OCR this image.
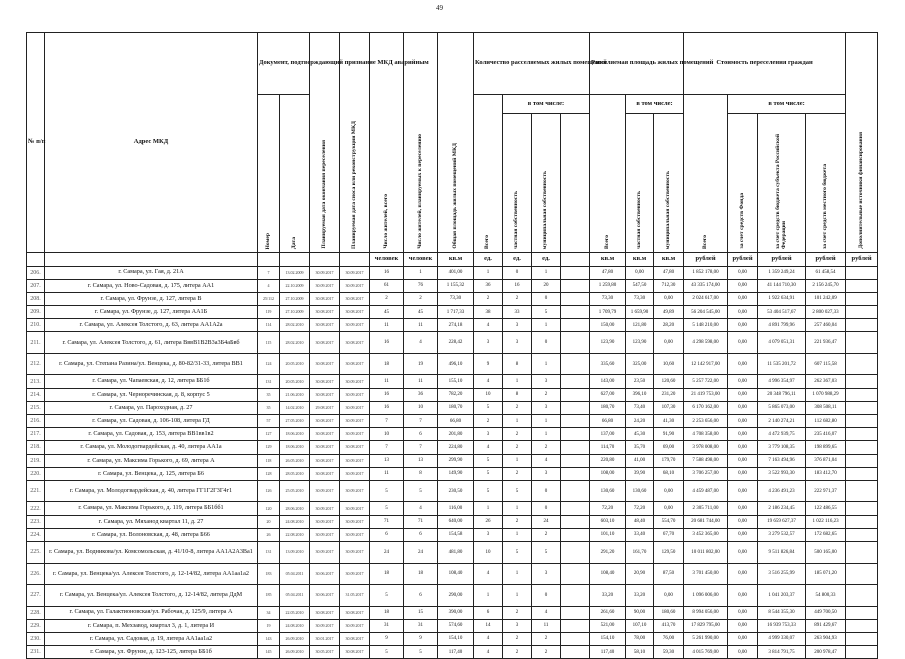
49
№ п/п	Адрес МКД	Документ, подтверждающий признание МКД аварийным		Планируемая дата окончания переселения	Планируемая дата сноса или реконструкции МКД	Число жителей, всего	Число жителей, планируемых к переселению	Общая площадь жилых помещений МКД	Количество расселяемых жилых помещений				Расселяемая площадь жилых помещений			Стоимость переселения граждан				Дополнительные источники финансирования
		Номер	Дата						Всего	в том числе:			Всего	в том числе:		Всего	в том числе:			
										частная собственность	муниципальная собственность			частная собственность	муниципальная собственность		за счет средств Фонда	за счет средств бюджета субъекта Российской Федерации	за счет средств местного бюджета	
						человек	человек	кв.м	ед.	ед.	ед.		кв.м	кв.м	кв.м	рублей	рублей	рублей	рублей	рублей
206.	г. Самара, ул. Гая, д. 21А	7	13.02.2009	30.09.2017	30.09.2017	16	1	401,00	1	0	1		47,80	0,00	47,80	1 852 178,00	0,00	1 359 249,24	61 458,54	
207.	г. Самара, ул. Ново-Садовая, д. 175, литера АА1	4	22.10.2009	30.09.2017	30.09.2017	61	76	1 155,32	36	16	20		1 259,80	547,50	712,30	43 335 174,00	0,00	41 144 710,30	2 156 245,70	
208.	г. Самара, ул. Фрунзе, д. 127, литера В	25/112	27.10.2009	30.08.2017	30.08.2017	2	2	73,30	2	2	0		73,30	73,30	0,00	2 024 617,00	0,00	1 922 634,91	101 242,09	
209.	г. Самара, ул. Фрунзе, д. 127, литера АА1Б	119	27.10.2009	30.08.2017	30.08.2017	45	45	1 717,33	38	33	5		1 709,79	1 659,90	49,89	56 204 545,00	0,00	53 404 517,67	2 800 027,33	
210.	г. Самара, ул. Алексея Толстого, д. 63, литера АА1А2а	114	28.02.2010	30.08.2017	30.09.2017	11	11	274,18	4	3	1		150,00	121,80	28,20	5 148 210,00	0,00	4 891 799,96	257 460,04	
211.	г. Самара, ул. Алексея Толстого, д. 61, литера ВввВ1В2В3а3Б4аБвб	115	28.02.2010	30.08.2017	30.08.2017	16	4	228,42	3	3	0		123,90	123,90	0,00	4 298 598,00	0,00	4 079 051,31	221 936,47	
212.	г. Самара, ул. Степана Разина/ул. Венцека, д. 80-82/31-33, литера ВВ1	124	20.05.2010	30.08.2017	30.08.2017	18	19	496,10	9	8	1		335,60	325,00	10,60	12 142 917,00	0,00	11 535 201,72	607 115,58	
213.	г. Самара, ул. Чапаевская, д. 12, литера ББ1б	131	20.05.2010	30.08.2017	30.09.2017	11	11	155,10	4	1	3		143,00	23,50	120,60	5 257 722,00	0,00	4 996 354,97	262 367,03	
214.	г. Самара, ул. Черноречинская, д. 8, корпус 5	35	21.06.2010	30.08.2017	30.09.2017	16	36	782,20	10	8	2		627,00	396,10	231,20	21 419 753,00	0,00	20 348 796,11	1 070 988,29	
215.	г. Самара, ул. Пароходная, д. 27	35	14.02.2010	29.08.2017	30.09.2017	16	10	180,70	5	2	3		180,70	73,40	107,30	6 170 162,00	0,00	5 865 073,00	308 508,11	
216.	г. Самара, ул. Садовая, д. 106-108, литера ГД	57	27.05.2010	30.08.2017	30.09.2017	7	7	66,80	2	1	1		66,80	24,20	41,30	2 253 656,00	0,00	2 140 274,21	112 682,80	
217.	г. Самара, ул. Садовая, д. 153, литера ВВ1вв1в2	127	18.06.2010	30.08.2017	30.09.2017	10	6	201,80	3	2	1		137,00	45,30	91,90	4 708 358,00	0,00	4 472 939,75	235 416,07	
218.	г. Самара, ул. Молодогвардейская, д. 40, литера АА1а	129	18.06.2010	30.08.2017	30.08.2017	7	7	224,80	4	2	2		114,70	35,70	69,00	3 978 008,00	0,00	3 779 108,35	198 899,65	
219.	г. Самара, ул. Максима Горького, д. 69, литера А	118	26.05.2010	30.08.2017	30.09.2017	13	13	299,90	5	1	4		220,80	41,00	179,70	7 588 498,00	0,00	7 163 494,96	376 871,04	
220.	г. Самара, ул. Венцека, д. 125, литера Б6	128	28.05.2010	30.08.2017	30.09.2017	11	8	149,90	5	2	3		108,00	39,90	68,10	3 706 257,00	0,00	3 522 993,30	183 412,70	
221.	г. Самара, ул. Молодогвардейская, д. 40, литера ГГ1Г2Г3Г4г1	126	25.05.2010	30.09.2017	30.09.2017	5	5	230,50	5	5	0		130,60	130,60	0,00	4 459 487,00	0,00	4 236 491,23	222 971,37	
222.	г. Самара, ул. Максима Горького, д. 119, литера ББ1бб1	120	28.06.2010	30.09.2017	30.09.2017	5	4	116,00	1	1	0		72,20	72,20	0,00	2 305 711,00	0,00	2 186 234,45	122 486,55	
223.	г. Самара, ул. Мяханод квартал 11, д. 27	20	24.08.2010	30.09.2017	30.09.2017	71	71	640,00	26	2	24		603,10	48,40	554,70	20 681 744,00	0,00	19 659 627,37	1 022 116,23	
224.	г. Самара, ул. Волоновская, д. 48, литера Б66	26	22.08.2010	30.09.2017	30.09.2017	6	6	154,58	3	1	2		101,10	33,40	67,70	3 452 365,00	0,00	3 279 532,57	172 682,65	
225.	г. Самара, ул. Водникова/ул. Комсомольская, д. 41/10-8, литера АА1А2А3Ва1	131	13.09.2010	30.09.2017	30.09.2017	24	24	481,80	10	5	5		291,20	161,70	129,50	10 011 802,00	0,00	9 511 826,84	500 165,00	
226.	г. Самара, ул. Венцека/ул. Алексея Толстого, д. 12-14/82, литера АА1аа1а2	183	05.04.2011	30.06.2017	30.09.2017	18	18	108,40	4	1	3		108,40	20,90	87,50	3 701 450,00	0,00	3 516 255,99	185 071,20	
227.	г. Самара, ул. Венцека/ул. Алексея Толстого, д. 12-14/82, литера ДдМ	185	05.04.2011	30.06.2017	31.05.2017	5	6	290,00	1	1	0		33,20	33,20	0,00	1 096 006,00	0,00	1 041 203,37	54 800,33	
228.	г. Самара, ул. Галактионовская/ул. Рабочая, д. 125/9, литера А	34	22.05.2010	30.08.2017	30.08.2017	18	15	390,00	6	2	4		261,60	90,00	180,60	8 994 056,00	0,00	8 544 355,30	449 700,50	
229.	г. Самара, п. Мехзавод, квартал 3, д. 1, литера И	19	24.08.2010	30.09.2017	30.09.2017	31	31	574,60	14	3	11		521,00	107,10	413,70	17 829 795,00	0,00	16 939 753,33	891 429,67	
230.	г. Самара, ул. Садовая, д. 19, литера АА1аа1а2	143	26.09.2010	30.01.2017	30.08.2017	9	9	154,10	4	2	2		154,10	78,00	76,00	5 261 990,00	0,00	4 999 330,07	263 904,93	
231.	г. Самара, ул. Фрунзе, д. 123-125, литера ББ1б	145	26.09.2010	30.05.2017	30.08.2017	5	5	117,40	4	2	2		117,40	58,10	59,30	4 015 769,00	0,00	3 814 791,75	200 978,47	
